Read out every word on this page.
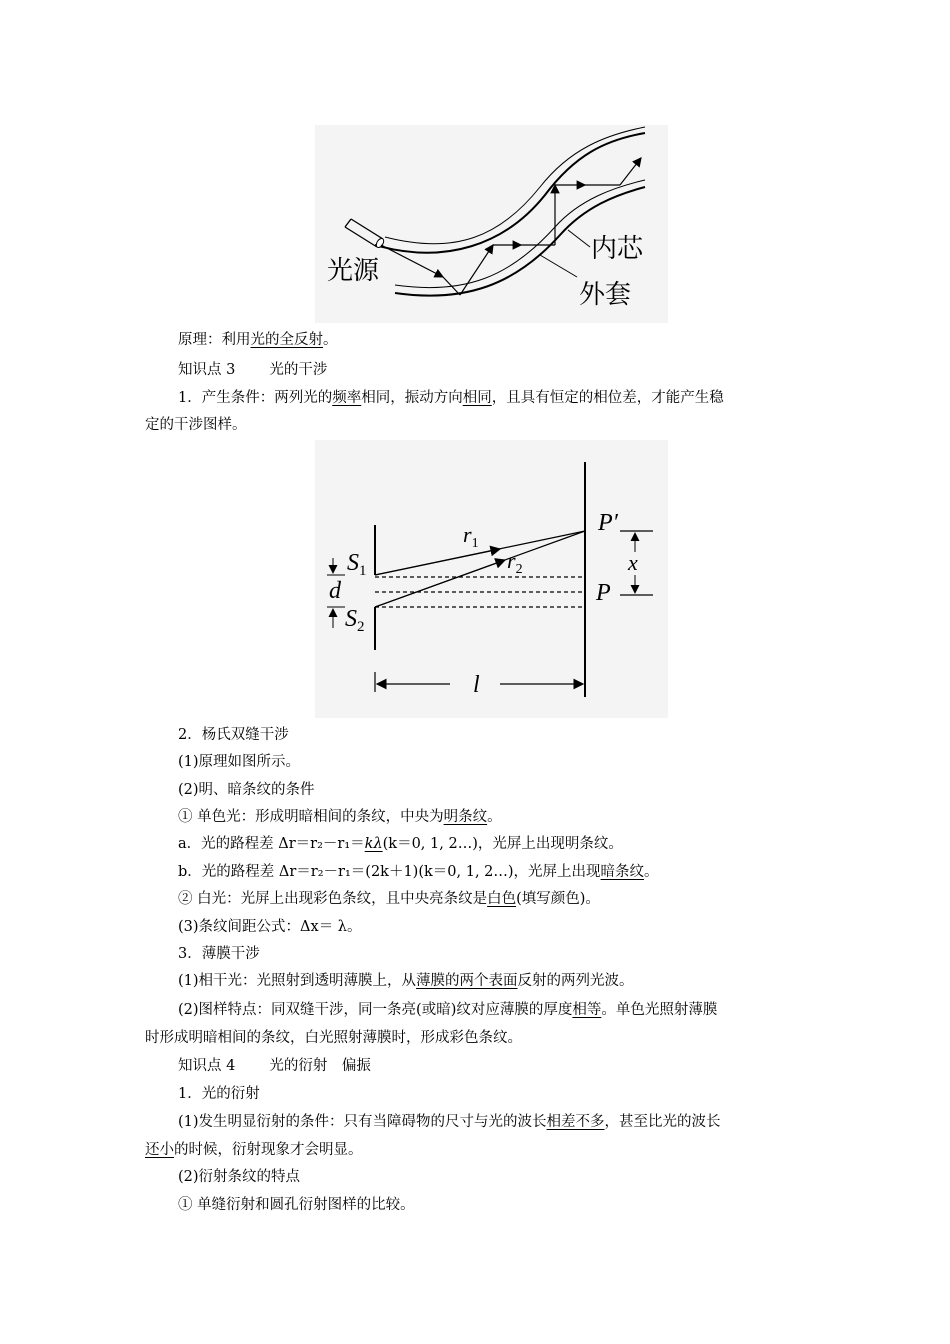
光源
内芯
外套
原理：利用光的全反射。
知识点 3 光的干涉
1．产生条件：两列光的频率相同，振动方向相同，且具有恒定的相位差，才能产生稳
定的干涉图样。
P′
P
$r_1$
$r_2$
$S_1$
$S_2$
d
x
l
2．杨氏双缝干涉
(1)原理如图所示。
(2)明、暗条纹的条件
① 单色光：形成明暗相间的条纹，中央为明条纹。
a．光的路程差 Δr＝r₂－r₁＝kλ(k＝0, 1, 2…)，光屏上出现明条纹。
b．光的路程差 Δr＝r₂－r₁＝(2k＋1)(k＝0, 1, 2…)，光屏上出现暗条纹。
② 白光：光屏上出现彩色条纹，且中央亮条纹是白色(填写颜色)。
(3)条纹间距公式：Δx＝ λ。
3．薄膜干涉
(1)相干光：光照射到透明薄膜上，从薄膜的两个表面反射的两列光波。
(2)图样特点：同双缝干涉，同一条亮(或暗)纹对应薄膜的厚度相等。单色光照射薄膜
时形成明暗相间的条纹，白光照射薄膜时，形成彩色条纹。
知识点 4 光的衍射　偏振
1．光的衍射
(1)发生明显衍射的条件：只有当障碍物的尺寸与光的波长相差不多，甚至比光的波长
还小的时候，衍射现象才会明显。
(2)衍射条纹的特点
① 单缝衍射和圆孔衍射图样的比较。
